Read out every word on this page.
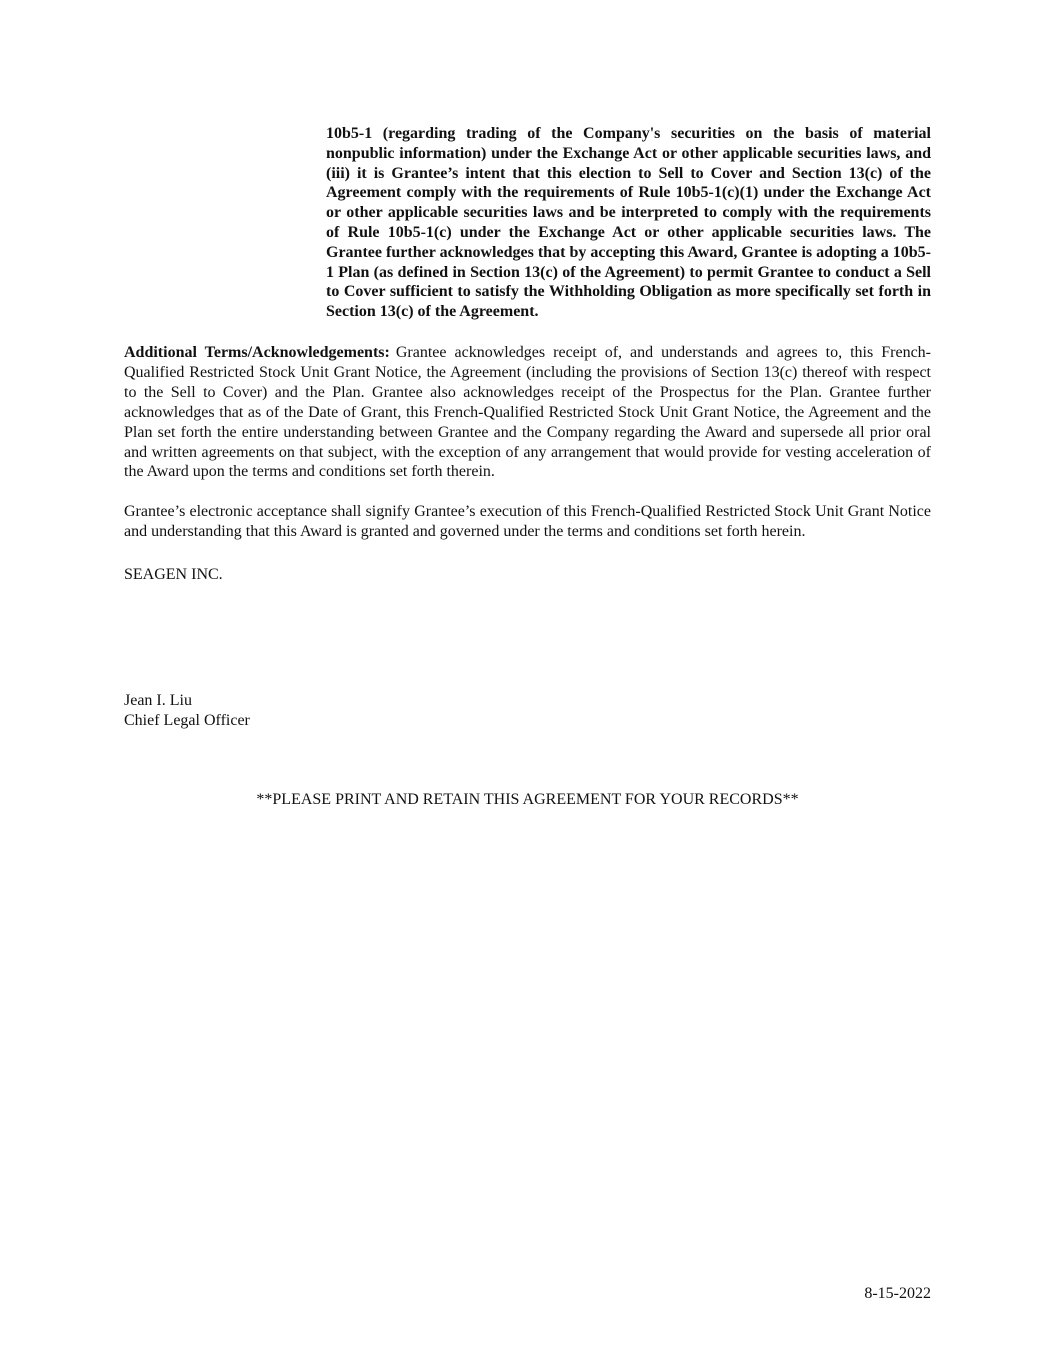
10b5-1 (regarding trading of the Company's securities on the basis of material nonpublic information) under the Exchange Act or other applicable securities laws, and (iii) it is Grantee’s intent that this election to Sell to Cover and Section 13(c) of the Agreement comply with the requirements of Rule 10b5-1(c)(1) under the Exchange Act or other applicable securities laws and be interpreted to comply with the requirements of Rule 10b5-1(c) under the Exchange Act or other applicable securities laws. The Grantee further acknowledges that by accepting this Award, Grantee is adopting a 10b5-1 Plan (as defined in Section 13(c) of the Agreement) to permit Grantee to conduct a Sell to Cover sufficient to satisfy the Withholding Obligation as more specifically set forth in Section 13(c) of the Agreement.

Additional Terms/Acknowledgements: Grantee acknowledges receipt of, and understands and agrees to, this French-Qualified Restricted Stock Unit Grant Notice, the Agreement (including the provisions of Section 13(c) thereof with respect to the Sell to Cover) and the Plan. Grantee also acknowledges receipt of the Prospectus for the Plan. Grantee further acknowledges that as of the Date of Grant, this French-Qualified Restricted Stock Unit Grant Notice, the Agreement and the Plan set forth the entire understanding between Grantee and the Company regarding the Award and supersede all prior oral and written agreements on that subject, with the exception of any arrangement that would provide for vesting acceleration of the Award upon the terms and conditions set forth therein.

Grantee’s electronic acceptance shall signify Grantee’s execution of this French-Qualified Restricted Stock Unit Grant Notice and understanding that this Award is granted and governed under the terms and conditions set forth herein.

SEAGEN INC.

Jean I. Liu

Chief Legal Officer

**PLEASE PRINT AND RETAIN THIS AGREEMENT FOR YOUR RECORDS**

8-15-2022
